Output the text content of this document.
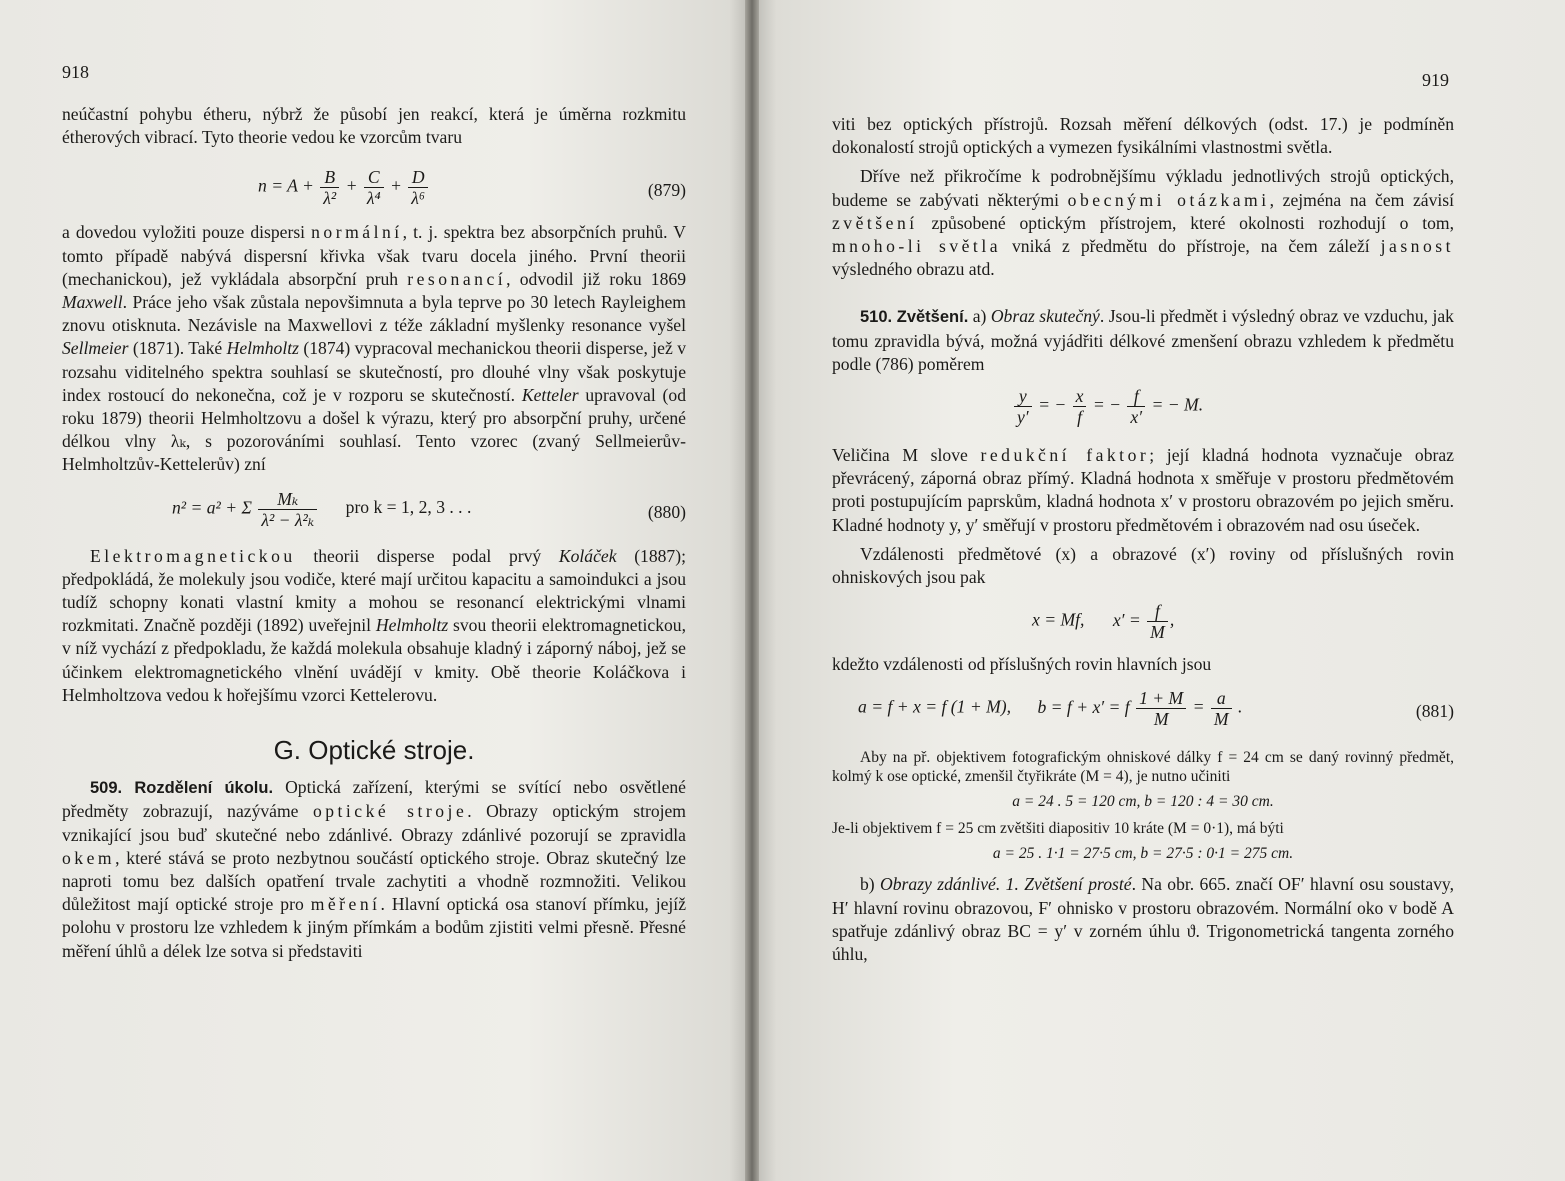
918

neúčastní pohybu étheru, nýbrž že působí jen reakcí, která je úměrna rozkmitu étherových vibrací. Tyto theorie vedou ke vzorcům tvaru

$n = A + \frac{B}{\text{λ²}} + \frac{C}{\text{λ⁴}} + \frac{D}{\text{λ⁶}}$	(879)

a dovedou vyložiti pouze dispersi normální, t. j. spektra bez absorpčních pruhů. V tomto případě nabývá dispersní křivka však tvaru docela jiného. První theorii (mechanickou), jež vykládala absorpční pruh resonancí, odvodil již roku 1869 Maxwell. Práce jeho však zůstala nepovšimnuta a byla teprve po 30 letech Rayleighem znovu otisknuta. Nezávisle na Maxwellovi z téže základní myšlenky resonance vyšel Sellmeier (1871). Také Helmholtz (1874) vypracoval mechanickou theorii disperse, jež v rozsahu viditelného spektra souhlasí se skutečností, pro dlouhé vlny však poskytuje index rostoucí do nekonečna, což je v rozporu se skutečností. Ketteler upravoval (od roku 1879) theorii Helmholtzovu a došel k výrazu, který pro absorpční pruhy, určené délkou vlny λₖ, s pozorováními souhlasí. Tento vzorec (zvaný Sellmeierův-Helmholtzův-Kettelerův) zní

n² = a² + Σ $\frac{\text{Mₖ}}{\text{λ² − λ²ₖ}}$ pro k = 1, 2, 3 . . .	(880)

Elektromagnetickou theorii disperse podal prvý Koláček (1887); předpokládá, že molekuly jsou vodiče, které mají určitou kapacitu a samoindukci a jsou tudíž schopny konati vlastní kmity a mohou se resonancí elektrickými vlnami rozkmitati. Značně později (1892) uveřejnil Helmholtz svou theorii elektromagnetickou, v níž vychází z předpokladu, že každá molekula obsahuje kladný i záporný náboj, jež se účinkem elektromagnetického vlnění uvádějí v kmity. Obě theorie Koláčkova i Helmholtzova vedou k hořejšímu vzorci Kettelerovu.

G. Optické stroje.

509. Rozdělení úkolu. Optická zařízení, kterými se svítící nebo osvětlené předměty zobrazují, nazýváme optické stroje. Obrazy optickým strojem vznikající jsou buď skutečné nebo zdánlivé. Obrazy zdánlivé pozorují se zpravidla okem, které stává se proto nezbytnou součástí optického stroje. Obraz skutečný lze naproti tomu bez dalších opatření trvale zachytiti a vhodně rozmnožiti. Velikou důležitost mají optické stroje pro měření. Hlavní optická osa stanoví přímku, jejíž polohu v prostoru lze vzhledem k jiným přímkám a bodům zjistiti velmi přesně. Přesné měření úhlů a délek lze sotva si představiti

919

viti bez optických přístrojů. Rozsah měření délkových (odst. 17.) je podmíněn dokonalostí strojů optických a vymezen fysikálními vlastnostmi světla.

Dříve než přikročíme k podrobnějšímu výkladu jednotlivých strojů optických, budeme se zabývati některými obecnými otázkami, zejména na čem závisí zvětšení způsobené optickým přístrojem, které okolnosti rozhodují o tom, mnoho-li světla vniká z předmětu do přístroje, na čem záleží jasnost výsledného obrazu atd.

510. Zvětšení. a) Obraz skutečný. Jsou-li předmět i výsledný obraz ve vzduchu, jak tomu zpravidla bývá, možná vyjádřiti délkové zmenšení obrazu vzhledem k předmětu podle (786) poměrem

$\frac{y}{y'}$ = − $\frac{x}{f}$ = − $\frac{f}{x'}$ = − M.

Veličina M slove redukční faktor; její kladná hodnota vyznačuje obraz převrácený, záporná obraz přímý. Kladná hodnota x směřuje v prostoru předmětovém proti postupujícím paprskům, kladná hodnota x′ v prostoru obrazovém po jejich směru. Kladné hodnoty y, y′ směřují v prostoru předmětovém i obrazovém nad osu úseček.

Vzdálenosti předmětové (x) a obrazové (x′) roviny od příslušných rovin ohniskových jsou pak

x = Mf, $x' = \frac{f}{M}$ ,

kdežto vzdálenosti od příslušných rovin hlavních jsou

a = f + x = f (1 + M), b = f + x′ = f $\frac{1 + M}{M} = \frac{a}{M}$ .	(881)

Aby na př. objektivem fotografickým ohniskové dálky f = 24 cm se daný rovinný předmět, kolmý k ose optické, zmenšil čtyřikráte (M = 4), je nutno učiniti

a = 24 . 5 = 120 cm, b = 120 : 4 = 30 cm.

Je-li objektivem f = 25 cm zvětšiti diapositiv 10 kráte (M = 0·1), má býti

a = 25 . 1·1 = 27·5 cm, b = 27·5 : 0·1 = 275 cm.

b) Obrazy zdánlivé. 1. Zvětšení prosté. Na obr. 665. značí OF′ hlavní osu soustavy, H′ hlavní rovinu obrazovou, F′ ohnisko v prostoru obrazovém. Normální oko v bodě A spatřuje zdánlivý obraz BC = y′ v zorném úhlu ϑ. Trigonometrická tangenta zorného úhlu,
